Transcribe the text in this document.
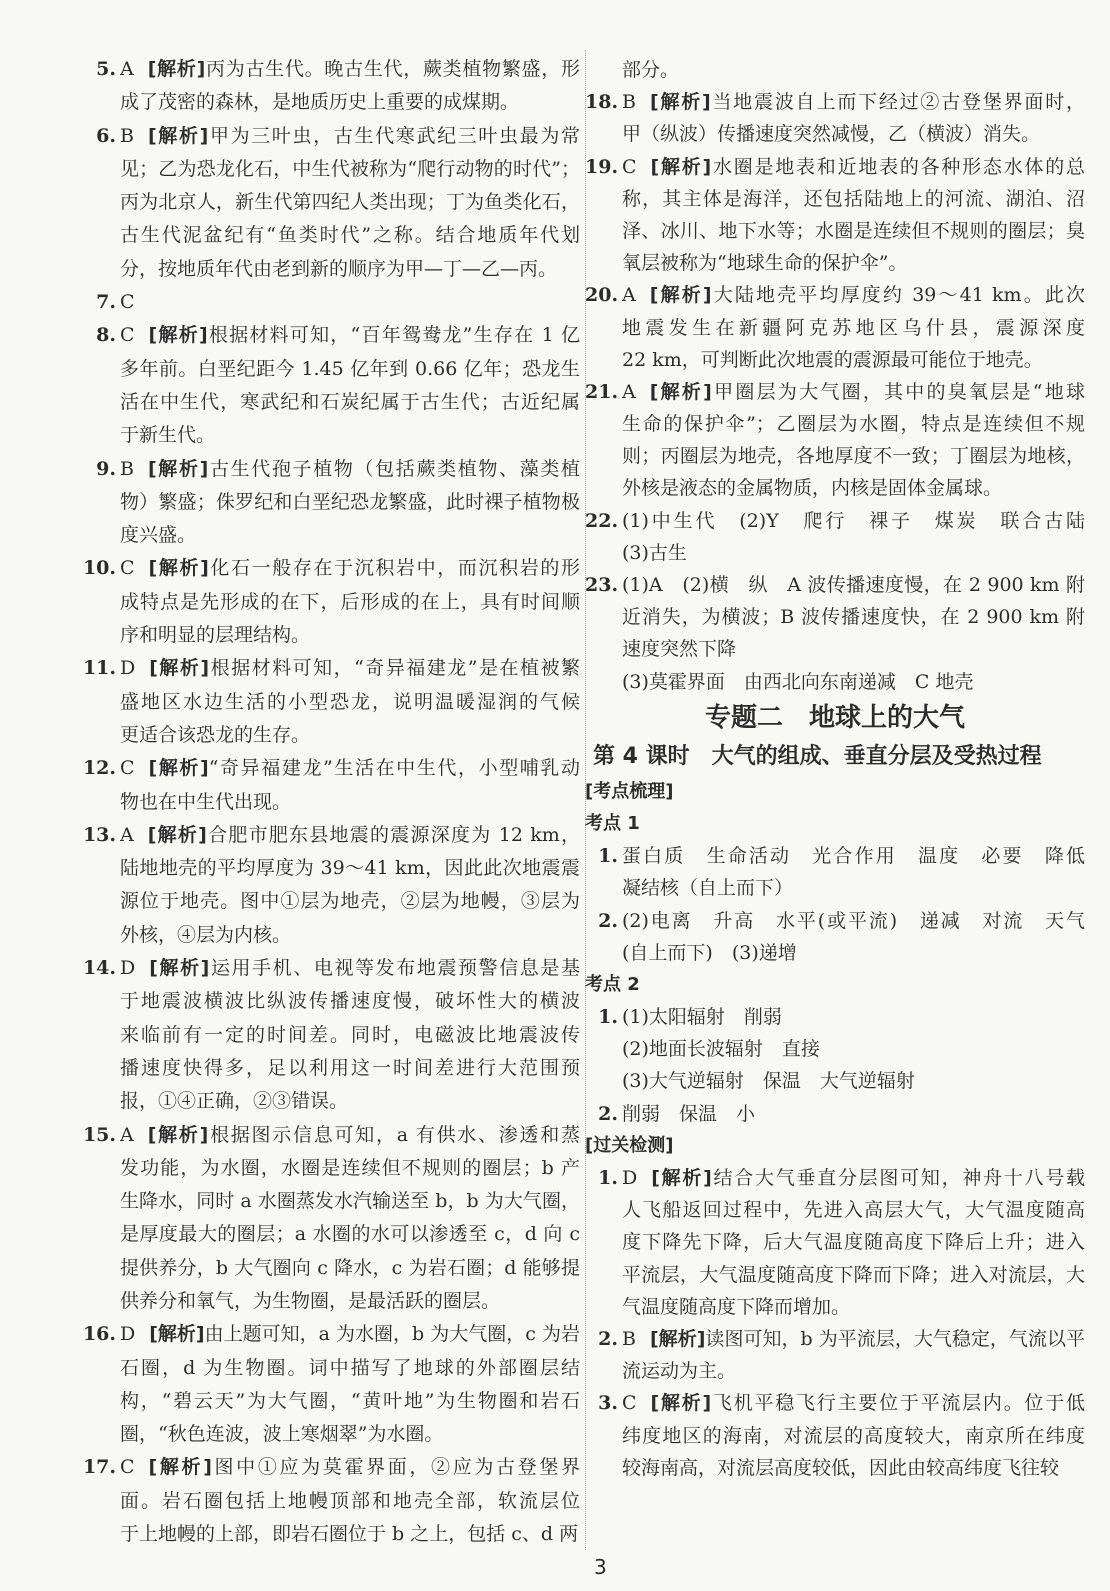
5. A [解析]丙为古生代。晚古生代，蕨类植物繁盛，形
成了茂密的森林，是地质历史上重要的成煤期。
6. B [解析]甲为三叶虫，古生代寒武纪三叶虫最为常
见；乙为恐龙化石，中生代被称为“爬行动物的时代”；
丙为北京人，新生代第四纪人类出现；丁为鱼类化石，
古生代泥盆纪有“鱼类时代”之称。结合地质年代划
分，按地质年代由老到新的顺序为甲—丁—乙—丙。
7. C
8. C [解析]根据材料可知，“百年鸳鸯龙”生存在 1 亿
多年前。白垩纪距今 1.45 亿年到 0.66 亿年；恐龙生
活在中生代，寒武纪和石炭纪属于古生代；古近纪属
于新生代。
9. B [解析]古生代孢子植物（包括蕨类植物、藻类植
物）繁盛；侏罗纪和白垩纪恐龙繁盛，此时裸子植物极
度兴盛。
10. C [解析]化石一般存在于沉积岩中，而沉积岩的形
成特点是先形成的在下，后形成的在上，具有时间顺
序和明显的层理结构。
11. D [解析]根据材料可知，“奇异福建龙”是在植被繁
盛地区水边生活的小型恐龙，说明温暖湿润的气候
更适合该恐龙的生存。
12. C [解析]“奇异福建龙”生活在中生代，小型哺乳动
物也在中生代出现。
13. A [解析]合肥市肥东县地震的震源深度为 12 km，
陆地地壳的平均厚度为 39～41 km，因此此次地震震
源位于地壳。图中①层为地壳，②层为地幔，③层为
外核，④层为内核。
14. D [解析]运用手机、电视等发布地震预警信息是基
于地震波横波比纵波传播速度慢，破坏性大的横波
来临前有一定的时间差。同时，电磁波比地震波传
播速度快得多，足以利用这一时间差进行大范围预
报，①④正确，②③错误。
15. A [解析]根据图示信息可知，a 有供水、渗透和蒸
发功能，为水圈，水圈是连续但不规则的圈层；b 产
生降水，同时 a 水圈蒸发水汽输送至 b，b 为大气圈，
是厚度最大的圈层；a 水圈的水可以渗透至 c，d 向 c
提供养分，b 大气圈向 c 降水，c 为岩石圈；d 能够提
供养分和氧气，为生物圈，是最活跃的圈层。
16. D [解析]由上题可知，a 为水圈，b 为大气圈，c 为岩
石圈，d 为生物圈。词中描写了地球的外部圈层结
构，“碧云天”为大气圈，“黄叶地”为生物圈和岩石
圈，“秋色连波，波上寒烟翠”为水圈。
17. C [解析]图中①应为莫霍界面，②应为古登堡界
面。岩石圈包括上地幔顶部和地壳全部，软流层位
于上地幔的上部，即岩石圈位于 b 之上，包括 c、d 两
部分。
18. B [解析]当地震波自上而下经过②古登堡界面时，
甲（纵波）传播速度突然减慢，乙（横波）消失。
19. C [解析]水圈是地表和近地表的各种形态水体的总
称，其主体是海洋，还包括陆地上的河流、湖泊、沼
泽、冰川、地下水等；水圈是连续但不规则的圈层；臭
氧层被称为“地球生命的保护伞”。
20. A [解析]大陆地壳平均厚度约 39～41 km。此次
地震发生在新疆阿克苏地区乌什县，震源深度
22 km，可判断此次地震的震源最可能位于地壳。
21. A [解析]甲圈层为大气圈，其中的臭氧层是“地球
生命的保护伞”；乙圈层为水圈，特点是连续但不规
则；丙圈层为地壳，各地厚度不一致；丁圈层为地核，
外核是液态的金属物质，内核是固体金属球。
22. (1)中生代　(2)Y　爬行　裸子　煤炭　联合古陆
(3)古生
23. (1)A　(2)横　纵　A 波传播速度慢，在 2 900 km 附
近消失，为横波；B 波传播速度快，在 2 900 km 附
速度突然下降
(3)莫霍界面　由西北向东南递减　C 地壳
专题二　地球上的大气
第 4 课时　大气的组成、垂直分层及受热过程
[考点梳理]
考点 1
1. 蛋白质　生命活动　光合作用　温度　必要　降低
凝结核（自上而下）
2. (2)电离　升高　水平(或平流)　递减　对流　天气
(自上而下)　(3)递增
考点 2
1. (1)太阳辐射　削弱
(2)地面长波辐射　直接
(3)大气逆辐射　保温　大气逆辐射
2. 削弱　保温　小
[过关检测]
1. D [解析]结合大气垂直分层图可知，神舟十八号载
人飞船返回过程中，先进入高层大气，大气温度随高
度下降先下降，后大气温度随高度下降后上升；进入
平流层，大气温度随高度下降而下降；进入对流层，大
气温度随高度下降而增加。
2. B [解析]读图可知，b 为平流层，大气稳定，气流以平
流运动为主。
3. C [解析]飞机平稳飞行主要位于平流层内。位于低
纬度地区的海南，对流层的高度较大，南京所在纬度
较海南高，对流层高度较低，因此由较高纬度飞往较
3
